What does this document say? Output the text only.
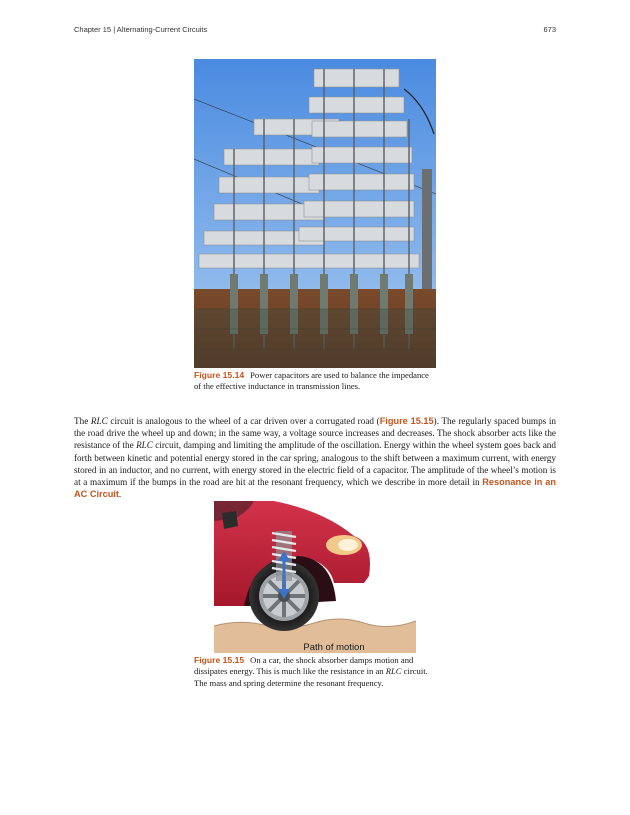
Chapter 15 | Alternating-Current Circuits	673
Figure 15.14 Power capacitors are used to balance the impedance of the effective inductance in transmission lines.
The RLC circuit is analogous to the wheel of a car driven over a corrugated road (Figure 15.15). The regularly spaced bumps in the road drive the wheel up and down; in the same way, a voltage source increases and decreases. The shock absorber acts like the resistance of the RLC circuit, damping and limiting the amplitude of the oscillation. Energy within the wheel system goes back and forth between kinetic and potential energy stored in the car spring, analogous to the shift between a maximum current, with energy stored in an inductor, and no current, with energy stored in the electric field of a capacitor. The amplitude of the wheel’s motion is at a maximum if the bumps in the road are hit at the resonant frequency, which we describe in more detail in Resonance in an AC Circuit.
Path of motion
Figure 15.15 On a car, the shock absorber damps motion and dissipates energy. This is much like the resistance in an RLC circuit. The mass and spring determine the resonant frequency.
